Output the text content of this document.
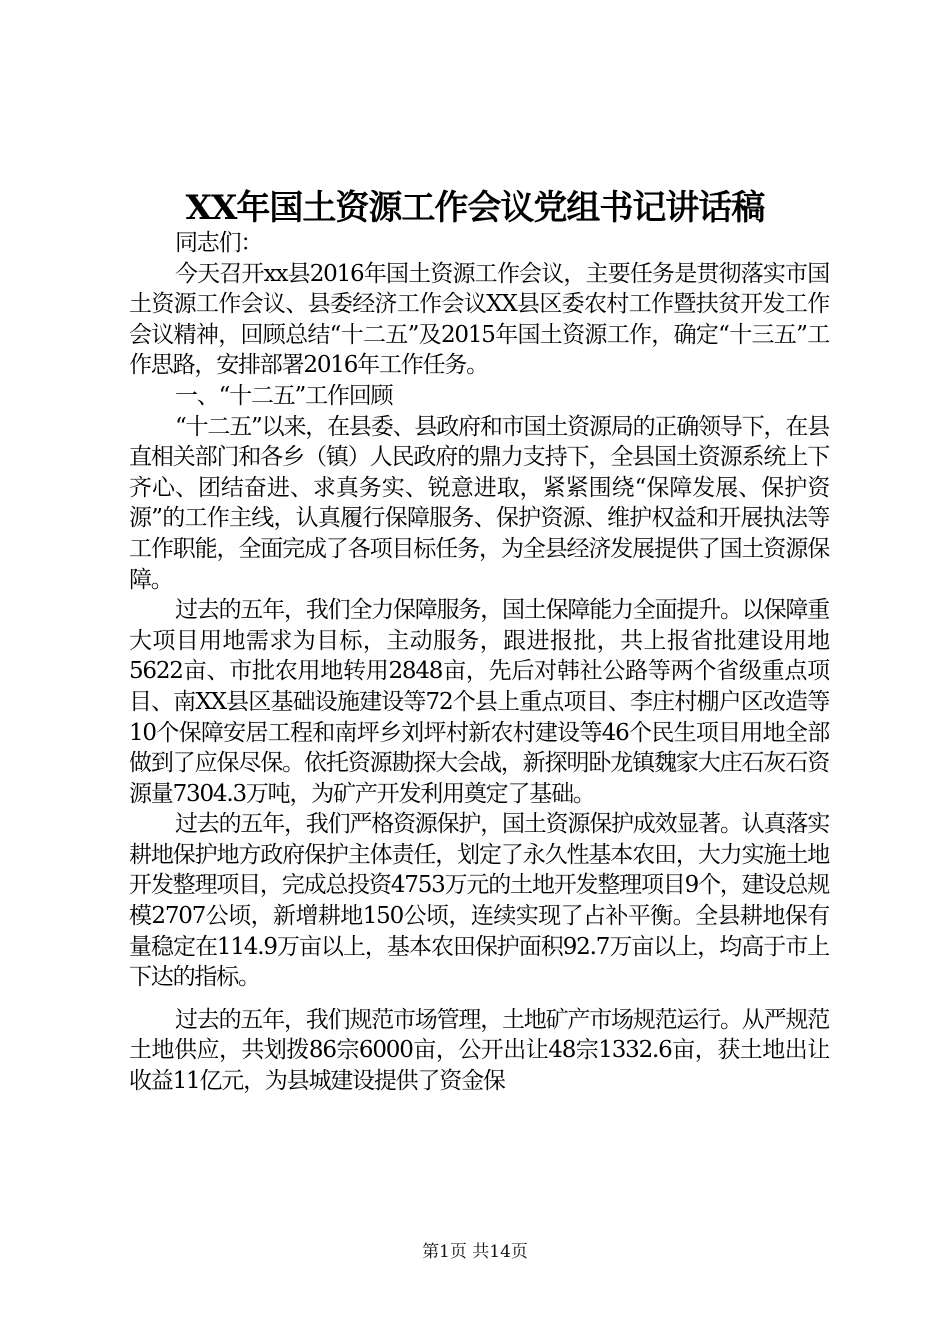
XX年国土资源工作会议党组书记讲话稿

同志们：

今天召开xx县2016年国土资源工作会议，主要任务是贯彻落实市国土资源工作会议、县委经济工作会议XX县区委农村工作暨扶贫开发工作会议精神，回顾总结“十二五”及2015年国土资源工作，确定“十三五”工作思路，安排部署2016年工作任务。

一、“十二五”工作回顾

“十二五”以来，在县委、县政府和市国土资源局的正确领导下，在县直相关部门和各乡（镇）人民政府的鼎力支持下，全县国土资源系统上下齐心、团结奋进、求真务实、锐意进取，紧紧围绕“保障发展、保护资源”的工作主线，认真履行保障服务、保护资源、维护权益和开展执法等工作职能，全面完成了各项目标任务，为全县经济发展提供了国土资源保障。

过去的五年，我们全力保障服务，国土保障能力全面提升。以保障重大项目用地需求为目标，主动服务，跟进报批，共上报省批建设用地5622亩、市批农用地转用2848亩，先后对韩社公路等两个省级重点项目、南XX县区基础设施建设等72个县上重点项目、李庄村棚户区改造等10个保障安居工程和南坪乡刘坪村新农村建设等46个民生项目用地全部做到了应保尽保。依托资源勘探大会战，新探明卧龙镇魏家大庄石灰石资源量7304.3万吨，为矿产开发利用奠定了基础。

过去的五年，我们严格资源保护，国土资源保护成效显著。认真落实耕地保护地方政府保护主体责任，划定了永久性基本农田，大力实施土地开发整理项目，完成总投资4753万元的土地开发整理项目9个，建设总规模2707公顷，新增耕地150公顷，连续实现了占补平衡。全县耕地保有量稳定在114.9万亩以上，基本农田保护面积92.7万亩以上，均高于市上下达的指标。

过去的五年，我们规范市场管理，土地矿产市场规范运行。从严规范土地供应，共划拨86宗6000亩，公开出让48宗1332.6亩，获土地出让收益11亿元，为县城建设提供了资金保

第1页 共14页
